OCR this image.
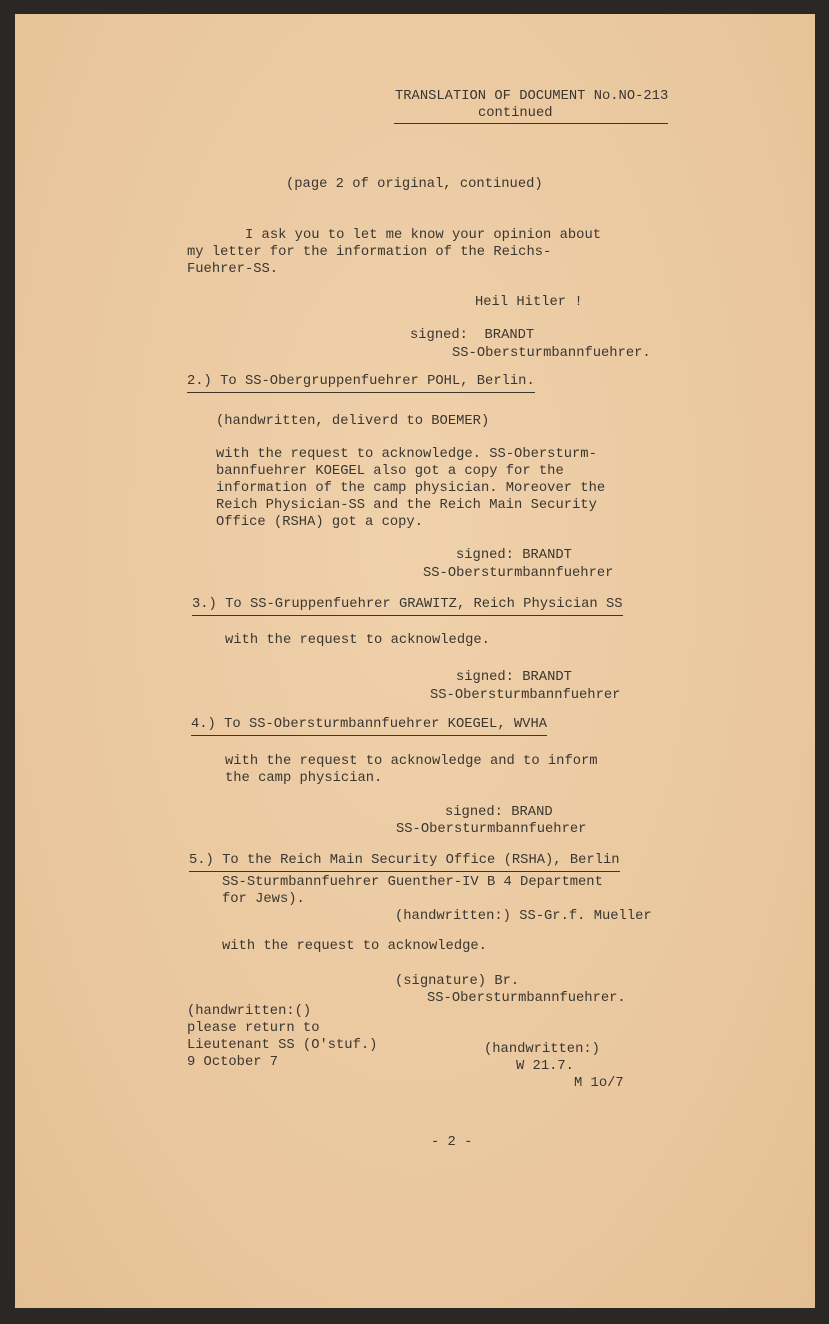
TRANSLATION OF DOCUMENT No.NO-213
continued
(page 2 of original, continued)
I ask you to let me know your opinion about
my letter for the information of the Reichs-
Fuehrer-SS.
Heil Hitler !
signed:  BRANDT
SS-Obersturmbannfuehrer.
2.) To SS-Obergruppenfuehrer POHL, Berlin.
(handwritten, deliverd to BOEMER)
with the request to acknowledge. SS-Obersturm-
bannfuehrer KOEGEL also got a copy for the
information of the camp physician. Moreover the
Reich Physician-SS and the Reich Main Security
Office (RSHA) got a copy.
signed: BRANDT
SS-Obersturmbannfuehrer
3.) To SS-Gruppenfuehrer GRAWITZ, Reich Physician SS
with the request to acknowledge.
signed: BRANDT
SS-Obersturmbannfuehrer
4.) To SS-Obersturmbannfuehrer KOEGEL, WVHA
with the request to acknowledge and to inform
the camp physician.
signed: BRAND
SS-Obersturmbannfuehrer
5.) To the Reich Main Security Office (RSHA), Berlin
SS-Sturmbannfuehrer Guenther-IV B 4 Department
for Jews).
(handwritten:) SS-Gr.f. Mueller
with the request to acknowledge.
(signature) Br.
SS-Obersturmbannfuehrer.
(handwritten:()
please return to
Lieutenant SS (O'stuf.)
9 October 7
(handwritten:)
W 21.7.
M 1o/7
- 2 -
